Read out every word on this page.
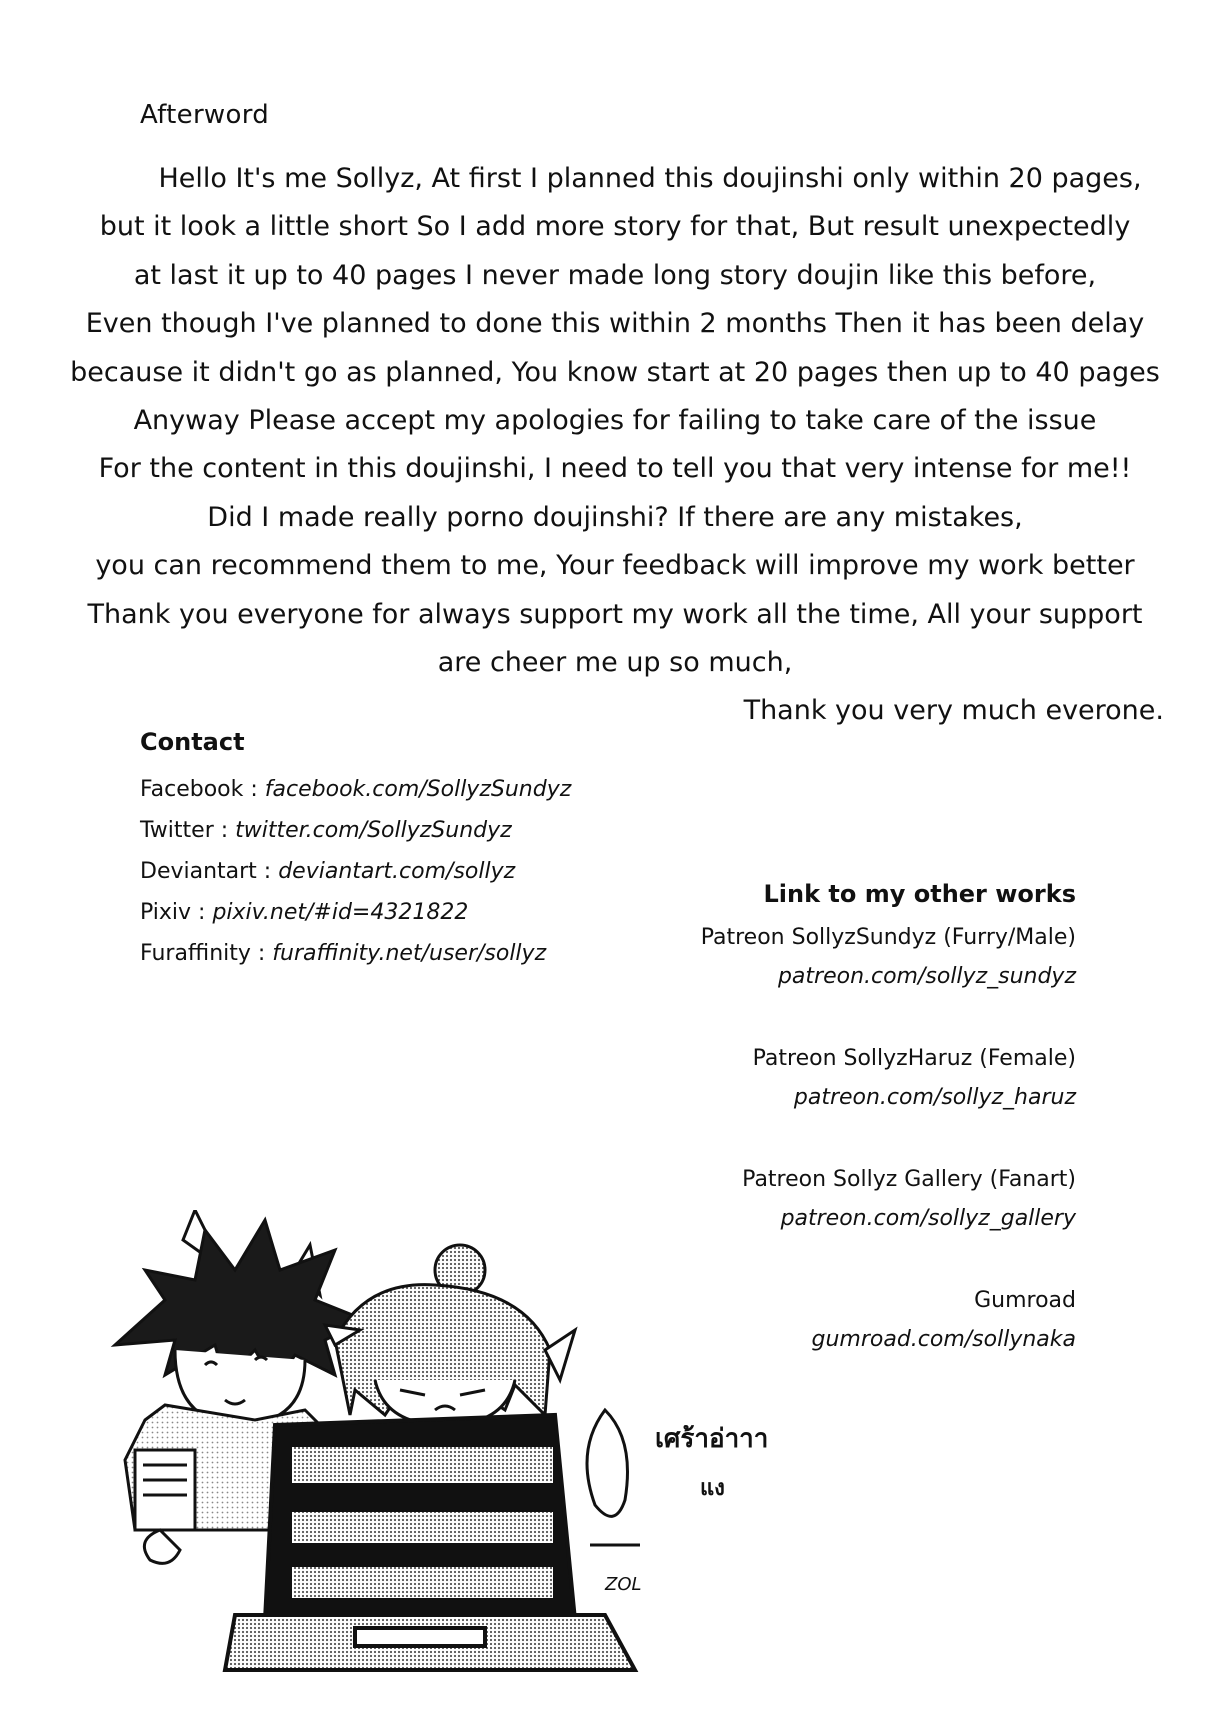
Afterword
Hello It's me Sollyz, At first I planned this doujinshi only within 20 pages,
but it look a little short So I add more story for that, But result unexpectedly
at last it up to 40 pages I never made long story doujin like this before,
Even though I've planned to done this within 2 months Then it has been delay
because it didn't go as planned, You know start at 20 pages then up to 40 pages
Anyway Please accept my apologies for failing to take care of the issue
For the content in this doujinshi, I need to tell you that very intense for me!!
Did I made really porno doujinshi? If there are any mistakes,
you can recommend them to me, Your feedback will improve my work better
Thank you everyone for always support my work all the time, All your support
are cheer me up so much,
Thank you very much everone.
Contact
Facebook : facebook.com/SollyzSundyz
Twitter : twitter.com/SollyzSundyz
Deviantart : deviantart.com/sollyz
Pixiv : pixiv.net/#id=4321822
Furaffinity : furaffinity.net/user/sollyz
Link to my other works
Patreon SollyzSundyz (Furry/Male)
patreon.com/sollyz_sundyz
Patreon SollyzHaruz (Female)
patreon.com/sollyz_haruz
Patreon Sollyz Gallery (Fanart)
patreon.com/sollyz_gallery
Gumroad
gumroad.com/sollynaka
ZOL
เศร้าอ่าาา
แง
